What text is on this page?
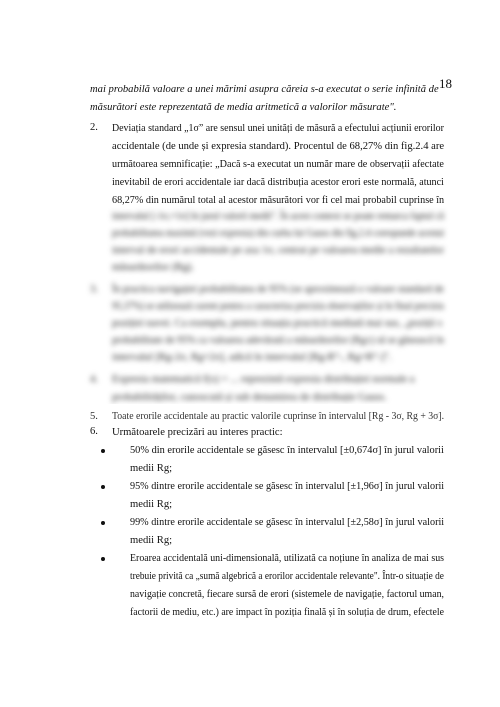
18
mai probabilă valoare a unei mărimi asupra căreia s-a executat o serie infinită de
măsurători este reprezentată de media aritmetică a valorilor măsurate".
2. Deviația standard „1σ” are sensul unei unități de măsură a efectului acțiunii erorilor
accidentale (de unde și expresia standard). Procentul de 68,27% din fig.2.4 are
următoarea semnificație: „Dacă s-a executat un număr mare de observații afectate
inevitabil de erori accidentale iar dacă distribuția acestor erori este normală, atunci
68,27% din numărul total al acestor măsurători vor fi cel mai probabil cuprinse în
intervalul [-1σ,+1σ] în jurul valorii medii". În acest context se poate remarca faptul că
probabilitatea maximă (vezi expresia) din curba lui Gauss din fig.2.4 corespunde acestui
interval de erori accidentale pe axa 1σ, centrat pe valoarea medie a rezultatelor
măsurătorilor (Rg).
3. În practica navigației probabilitatea de 95% (se aproximează o valoare standard de
95,37%) se utilizează curent pentru a caracteriza precizia observațiilor și în final precizia
poziției navei. Ca exemplu, pentru situația practică mediată mai sus, „poziții s
probabilitate de 95% ca valoarea adevărată a măsurătorilor (Rg±) să se găsească în
intervalul [Rg-2σ, Rg+2σ], adică în intervalul [Rg-R°-, Rg+R°-]".
4. Expresia matematică f(x) = ... reprezintă expresia distribuției normale a
probabilităților, cunoscută și sub denumirea de distribuție Gauss.
5. Toate erorile accidentale au practic valorile cuprinse în intervalul [Rg - 3σ, Rg + 3σ].
6. Următoarele precizări au interes practic:
50% din erorile accidentale se găsesc în intervalul [±0,674σ] în jurul valorii
medii Rg;
95% dintre erorile accidentale se găsesc în intervalul [±1,96σ] în jurul valorii
medii Rg;
99% dintre erorile accidentale se găsesc în intervalul [±2,58σ] în jurul valorii
medii Rg;
Eroarea accidentală uni-dimensională, utilizată ca noțiune în analiza de mai sus
trebuie privită ca „sumă algebrică a erorilor accidentale relevante". Într-o situație de
navigație concretă, fiecare sursă de erori (sistemele de navigație, factorul uman,
factorii de mediu, etc.) are impact în poziția finală și în soluția de drum, efectele
